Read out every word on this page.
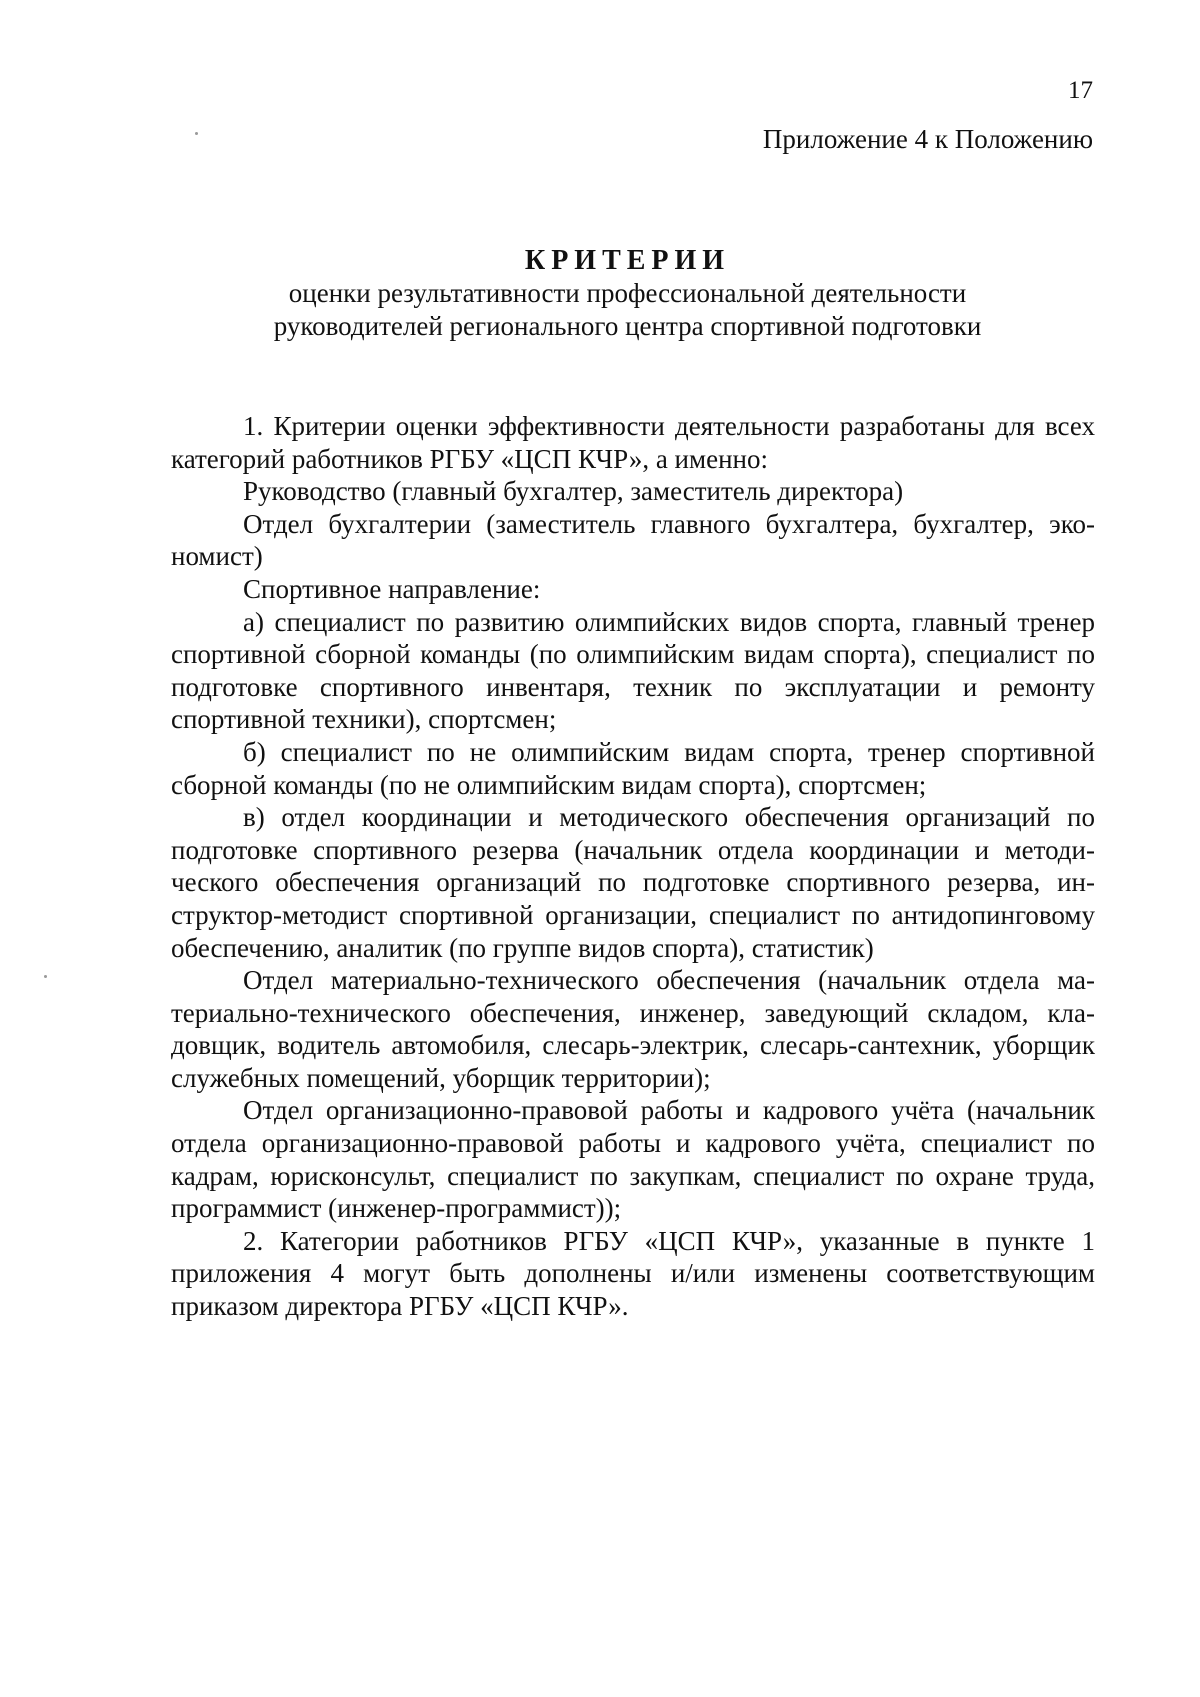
17
Приложение 4 к Положению
КРИТЕРИИ
оценки результативности профессиональной деятельности
руководителей регионального центра спортивной подготовки

1. Критерии оценки эффективности деятельности разработаны для всех категорий работников РГБУ «ЦСП КЧР», а именно:

Руководство (главный бухгалтер, заместитель директора)

Отдел бухгалтерии (заместитель главного бухгалтера, бухгалтер, экономист)

Спортивное направление:

а) специалист по развитию олимпийских видов спорта, главный тренер спортивной сборной команды (по олимпийским видам спорта), специалист по подготовке спортивного инвентаря, техник по эксплуатации и ремонту спортивной техники), спортсмен;

б) специалист по не олимпийским видам спорта, тренер спортивной сборной команды (по не олимпийским видам спорта), спортсмен;

в) отдел координации и методического обеспечения организаций по подготовке спортивного резерва (начальник отдела координации и методического обеспечения организаций по подготовке спортивного резерва, инструктор-методист спортивной организации, специалист по антидопинговому обеспечению, аналитик (по группе видов спорта), статистик)

Отдел материально-технического обеспечения (начальник отдела материально-технического обеспечения, инженер, заведующий складом, кладовщик, водитель автомобиля, слесарь-электрик, слесарь-сантехник, уборщик служебных помещений, уборщик территории);

Отдел организационно-правовой работы и кадрового учёта (начальник отдела организационно-правовой работы и кадрового учёта, специалист по кадрам, юрисконсульт, специалист по закупкам, специалист по охране труда, программист (инженер-программист));

2. Категории работников РГБУ «ЦСП КЧР», указанные в пункте 1 приложения 4 могут быть дополнены и/или изменены соответствующим приказом директора РГБУ «ЦСП КЧР».
